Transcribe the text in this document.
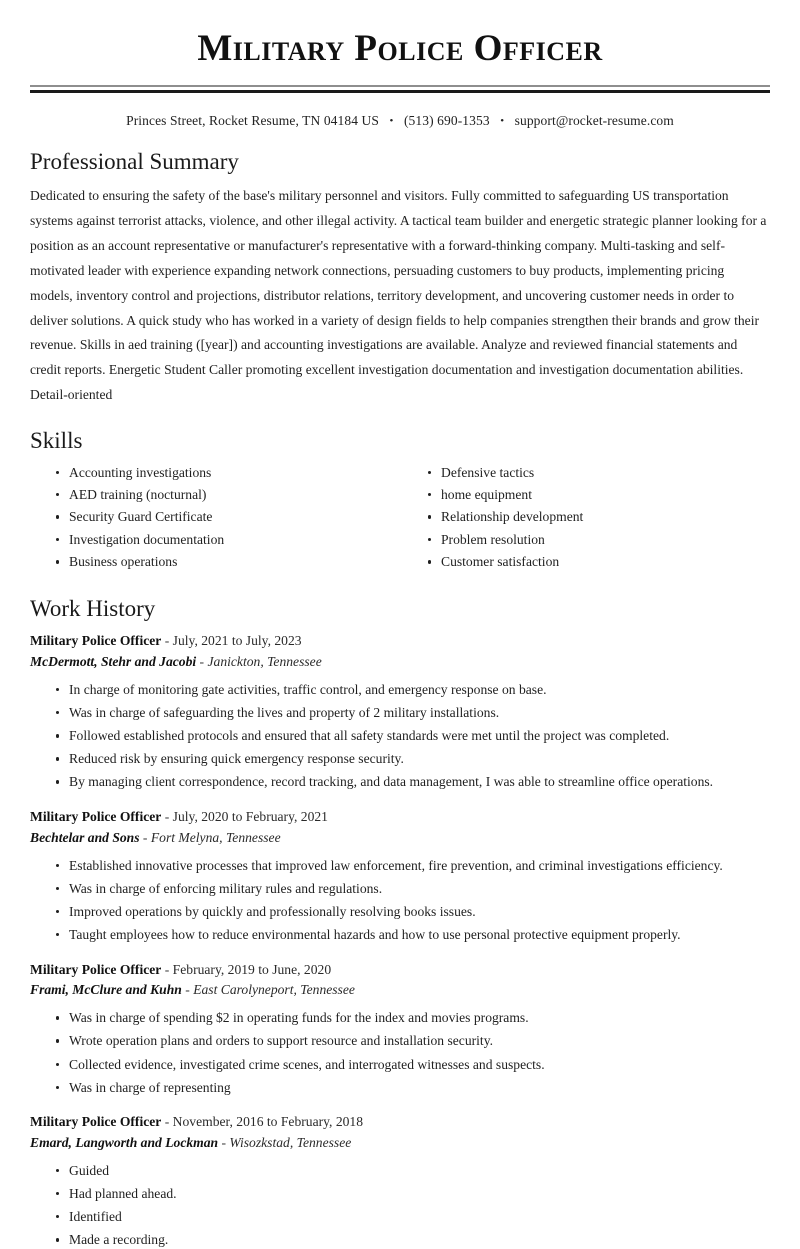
Military Police Officer
Princes Street, Rocket Resume, TN 04184 US • (513) 690-1353 • support@rocket-resume.com
Professional Summary

Dedicated to ensuring the safety of the base's military personnel and visitors. Fully committed to safeguarding US transportation systems against terrorist attacks, violence, and other illegal activity. A tactical team builder and energetic strategic planner looking for a position as an account representative or manufacturer's representative with a forward-thinking company. Multi-tasking and self-motivated leader with experience expanding network connections, persuading customers to buy products, implementing pricing models, inventory control and projections, distributor relations, territory development, and uncovering customer needs in order to deliver solutions. A quick study who has worked in a variety of design fields to help companies strengthen their brands and grow their revenue. Skills in aed training ([year]) and accounting investigations are available. Analyze and reviewed financial statements and credit reports. Energetic Student Caller promoting excellent investigation documentation and investigation documentation abilities. Detail-oriented

Skills
Accounting investigations
AED training (nocturnal)
Security Guard Certificate
Investigation documentation
Business operations
Defensive tactics
home equipment
Relationship development
Problem resolution
Customer satisfaction
Work History
Military Police Officer - July, 2021 to July, 2023
McDermott, Stehr and Jacobi - Janickton, Tennessee
In charge of monitoring gate activities, traffic control, and emergency response on base.
Was in charge of safeguarding the lives and property of 2 military installations.
Followed established protocols and ensured that all safety standards were met until the project was completed.
Reduced risk by ensuring quick emergency response security.
By managing client correspondence, record tracking, and data management, I was able to streamline office operations.
Military Police Officer - July, 2020 to February, 2021
Bechtelar and Sons - Fort Melyna, Tennessee
Established innovative processes that improved law enforcement, fire prevention, and criminal investigations efficiency.
Was in charge of enforcing military rules and regulations.
Improved operations by quickly and professionally resolving books issues.
Taught employees how to reduce environmental hazards and how to use personal protective equipment properly.
Military Police Officer - February, 2019 to June, 2020
Frami, McClure and Kuhn - East Carolyneport, Tennessee
Was in charge of spending $2 in operating funds for the index and movies programs.
Wrote operation plans and orders to support resource and installation security.
Collected evidence, investigated crime scenes, and interrogated witnesses and suspects.
Was in charge of representing
Military Police Officer - November, 2016 to February, 2018
Emard, Langworth and Lockman - Wisozkstad, Tennessee
Guided
Had planned ahead.
Identified
Made a recording.
